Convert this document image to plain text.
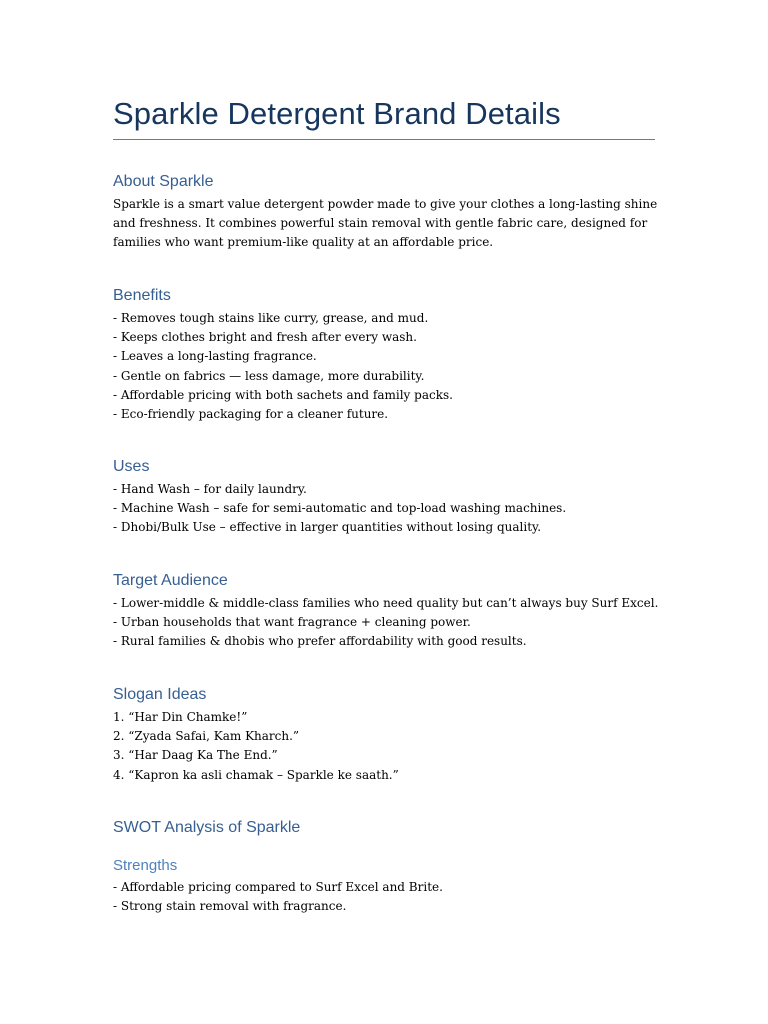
Sparkle Detergent Brand Details
About Sparkle
Sparkle is a smart value detergent powder made to give your clothes a long-lasting shine
and freshness. It combines powerful stain removal with gentle fabric care, designed for
families who want premium-like quality at an affordable price.
Benefits
- Removes tough stains like curry, grease, and mud.
- Keeps clothes bright and fresh after every wash.
- Leaves a long-lasting fragrance.
- Gentle on fabrics — less damage, more durability.
- Affordable pricing with both sachets and family packs.
- Eco-friendly packaging for a cleaner future.
Uses
- Hand Wash – for daily laundry.
- Machine Wash – safe for semi-automatic and top-load washing machines.
- Dhobi/Bulk Use – effective in larger quantities without losing quality.
Target Audience
- Lower-middle & middle-class families who need quality but can’t always buy Surf Excel.
- Urban households that want fragrance + cleaning power.
- Rural families & dhobis who prefer affordability with good results.
Slogan Ideas
1. “Har Din Chamke!”
2. “Zyada Safai, Kam Kharch.”
3. “Har Daag Ka The End.”
4. “Kapron ka asli chamak – Sparkle ke saath.”
SWOT Analysis of Sparkle
Strengths
- Affordable pricing compared to Surf Excel and Brite.
- Strong stain removal with fragrance.
